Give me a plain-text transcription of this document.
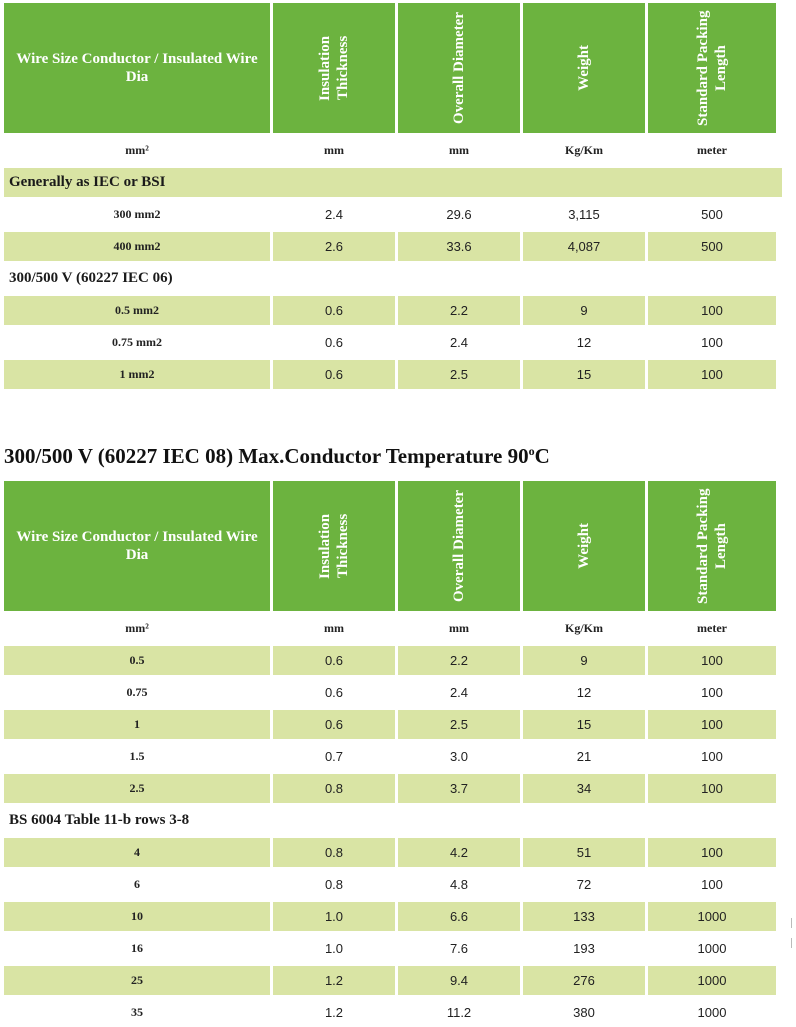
Wire Size Conductor / Insulated Wire Dia	Insulation Thickness	Overall Diameter	Weight	Standard Packing Length
mm²	mm	mm	Kg/Km	meter
Generally as IEC or BSI
300 mm2	2.4	29.6	3,115	500
400 mm2	2.6	33.6	4,087	500
300/500 V (60227 IEC 06)
0.5 mm2	0.6	2.2	9	100
0.75 mm2	0.6	2.4	12	100
1 mm2	0.6	2.5	15	100
300/500 V (60227 IEC 08) Max.Conductor Temperature 90$^o$C
Wire Size Conductor / Insulated Wire Dia	Insulation Thickness	Overall Diameter	Weight	Standard Packing Length
mm²	mm	mm	Kg/Km	meter
0.5	0.6	2.2	9	100
0.75	0.6	2.4	12	100
1	0.6	2.5	15	100
1.5	0.7	3.0	21	100
2.5	0.8	3.7	34	100
BS 6004 Table 11-b rows 3-8
4	0.8	4.2	51	100
6	0.8	4.8	72	100
10	1.0	6.6	133	1000
16	1.0	7.6	193	1000
25	1.2	9.4	276	1000
35	1.2	11.2	380	1000
